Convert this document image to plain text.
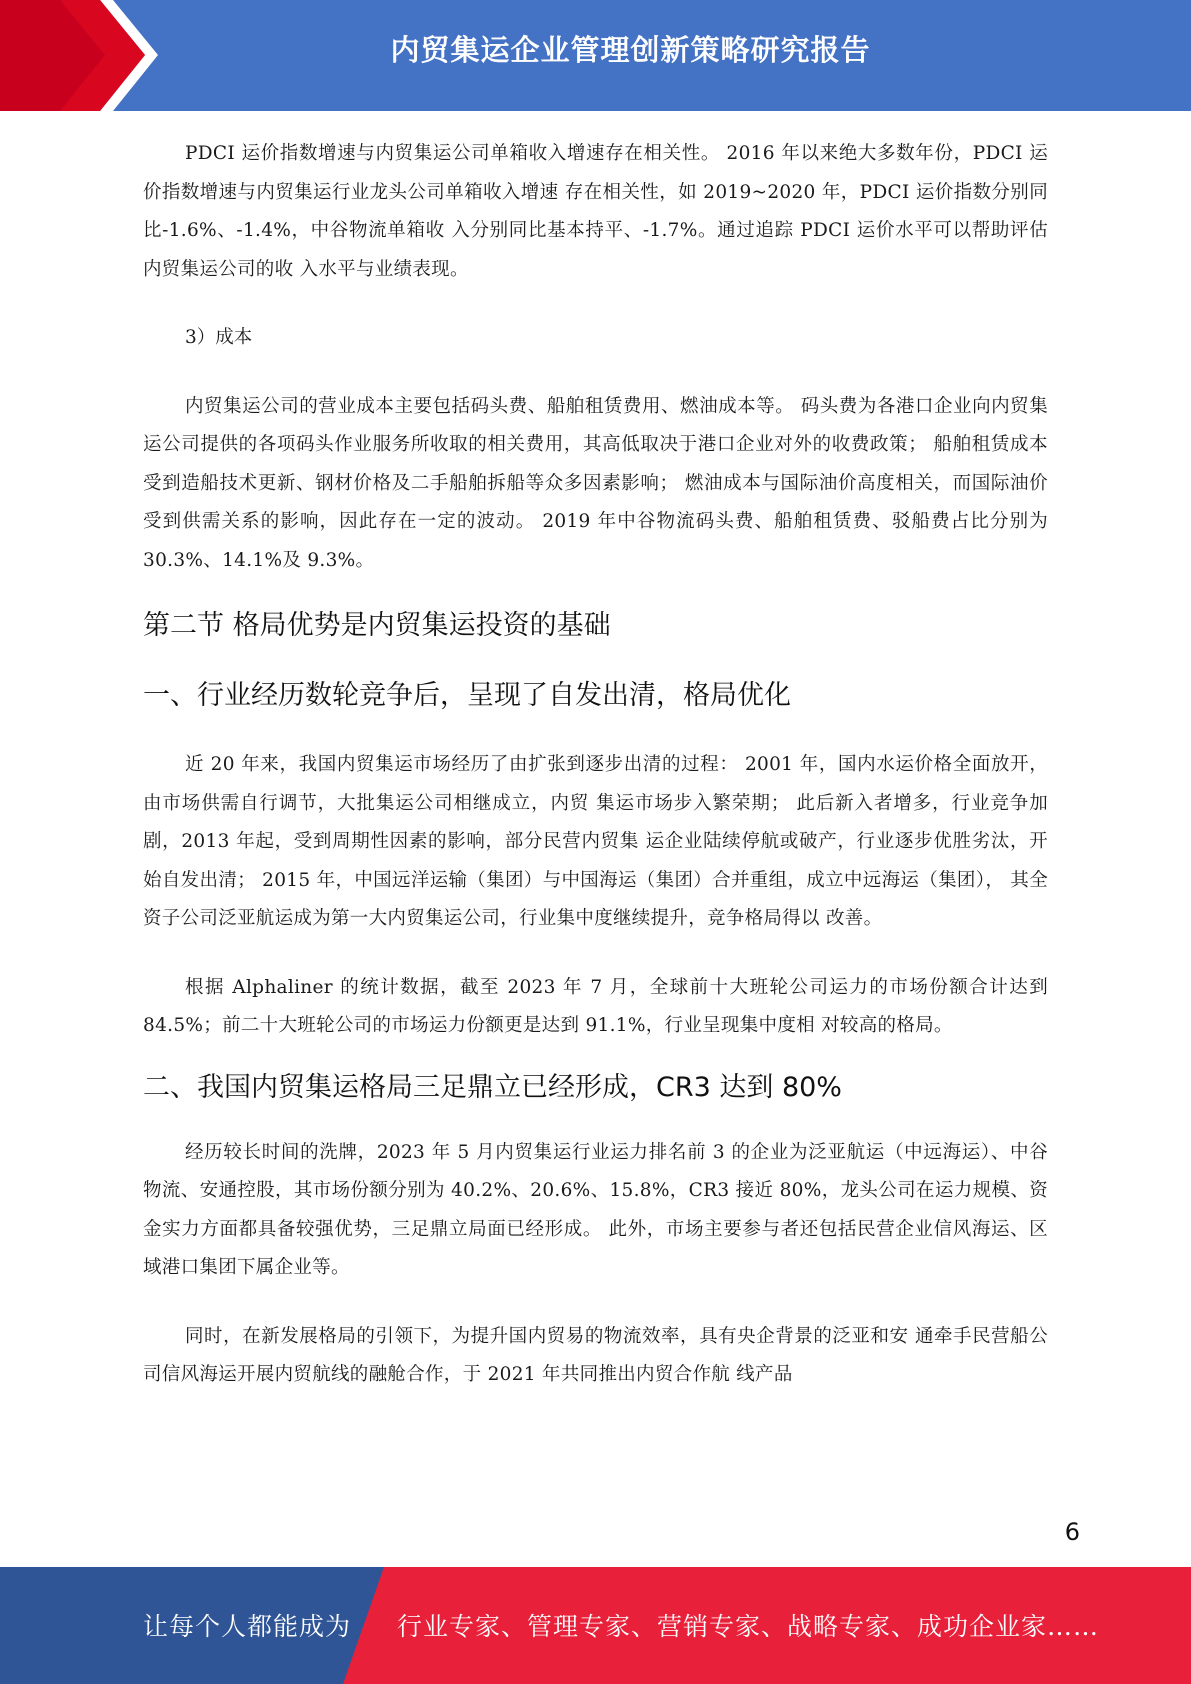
内贸集运企业管理创新策略研究报告

PDCI 运价指数增速与内贸集运公司单箱收入增速存在相关性。 2016 年以来绝大多数年份，PDCI 运价指数增速与内贸集运行业龙头公司单箱收入增速 存在相关性，如 2019~2020 年，PDCI 运价指数分别同比-1.6%、-1.4%，中谷物流单箱收 入分别同比基本持平、-1.7%。通过追踪 PDCI 运价水平可以帮助评估内贸集运公司的收 入水平与业绩表现。

3）成本

内贸集运公司的营业成本主要包括码头费、船舶租赁费用、燃油成本等。 码头费为各港口企业向内贸集运公司提供的各项码头作业服务所收取的相关费用，其高低取决于港口企业对外的收费政策； 船舶租赁成本受到造船技术更新、钢材价格及二手船舶拆船等众多因素影响； 燃油成本与国际油价高度相关，而国际油价受到供需关系的影响，因此存在一定的波动。 2019 年中谷物流码头费、船舶租赁费、驳船费占比分别为 30.3%、14.1%及 9.3%。

第二节 格局优势是内贸集运投资的基础
一、行业经历数轮竞争后，呈现了自发出清，格局优化

近 20 年来，我国内贸集运市场经历了由扩张到逐步出清的过程： 2001 年，国内水运价格全面放开，由市场供需自行调节，大批集运公司相继成立，内贸 集运市场步入繁荣期； 此后新入者增多，行业竞争加剧，2013 年起，受到周期性因素的影响，部分民营内贸集 运企业陆续停航或破产，行业逐步优胜劣汰，开始自发出清； 2015 年，中国远洋运输（集团）与中国海运（集团）合并重组，成立中远海运（集团）， 其全资子公司泛亚航运成为第一大内贸集运公司，行业集中度继续提升，竞争格局得以 改善。

根据 Alphaliner 的统计数据，截至 2023 年 7 月，全球前十大班轮公司运力的市场份额合计达到 84.5%；前二十大班轮公司的市场运力份额更是达到 91.1%，行业呈现集中度相 对较高的格局。

二、我国内贸集运格局三足鼎立已经形成，CR3 达到 80%

经历较长时间的洗牌，2023 年 5 月内贸集运行业运力排名前 3 的企业为泛亚航运（中远海运）、中谷物流、安通控股，其市场份额分别为 40.2%、20.6%、15.8%，CR3 接近 80%，龙头公司在运力规模、资金实力方面都具备较强优势，三足鼎立局面已经形成。 此外，市场主要参与者还包括民营企业信风海运、区域港口集团下属企业等。

同时，在新发展格局的引领下，为提升国内贸易的物流效率，具有央企背景的泛亚和安 通牵手民营船公司信风海运开展内贸航线的融舱合作，于 2021 年共同推出内贸合作航 线产品

6
让每个人都能成为 行业专家、管理专家、营销专家、战略专家、成功企业家……
